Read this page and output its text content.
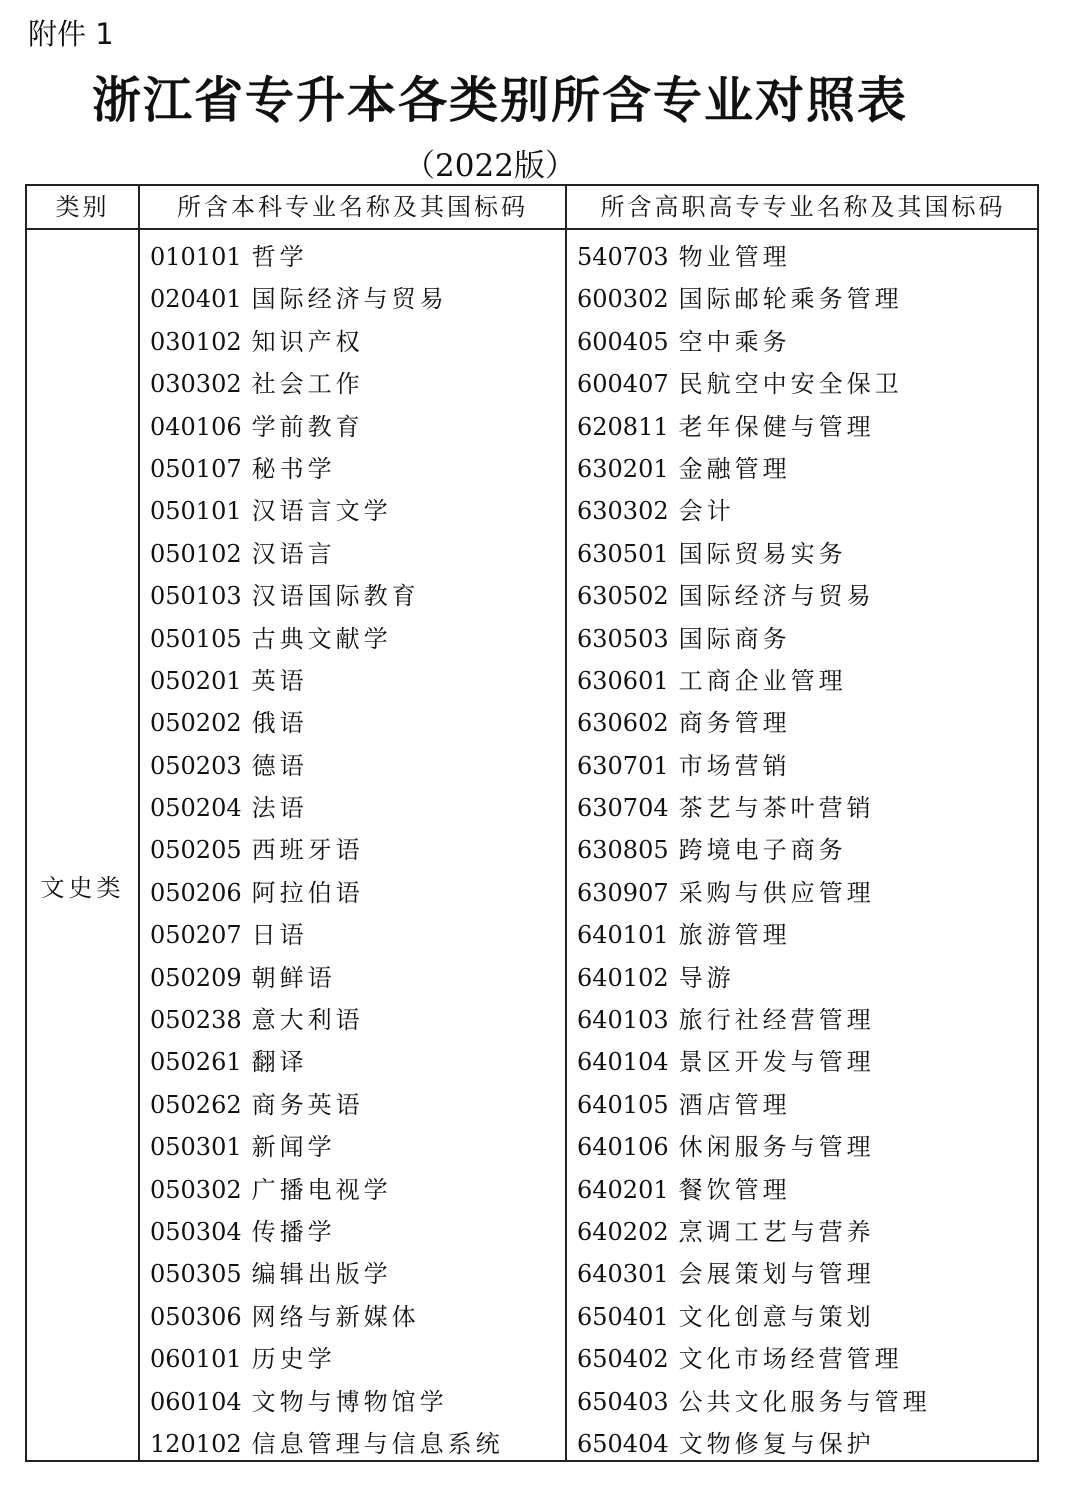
附件 1
浙江省专升本各类别所含专业对照表
（2022版）
类别	所含本科专业名称及其国标码	所含高职高专专业名称及其国标码
文史类
010101 哲学
020401 国际经济与贸易
030102 知识产权
030302 社会工作
040106 学前教育
050107 秘书学
050101 汉语言文学
050102 汉语言
050103 汉语国际教育
050105 古典文献学
050201 英语
050202 俄语
050203 德语
050204 法语
050205 西班牙语
050206 阿拉伯语
050207 日语
050209 朝鲜语
050238 意大利语
050261 翻译
050262 商务英语
050301 新闻学
050302 广播电视学
050304 传播学
050305 编辑出版学
050306 网络与新媒体
060101 历史学
060104 文物与博物馆学
120102 信息管理与信息系统
540703 物业管理
600302 国际邮轮乘务管理
600405 空中乘务
600407 民航空中安全保卫
620811 老年保健与管理
630201 金融管理
630302 会计
630501 国际贸易实务
630502 国际经济与贸易
630503 国际商务
630601 工商企业管理
630602 商务管理
630701 市场营销
630704 茶艺与茶叶营销
630805 跨境电子商务
630907 采购与供应管理
640101 旅游管理
640102 导游
640103 旅行社经营管理
640104 景区开发与管理
640105 酒店管理
640106 休闲服务与管理
640201 餐饮管理
640202 烹调工艺与营养
640301 会展策划与管理
650401 文化创意与策划
650402 文化市场经营管理
650403 公共文化服务与管理
650404 文物修复与保护
